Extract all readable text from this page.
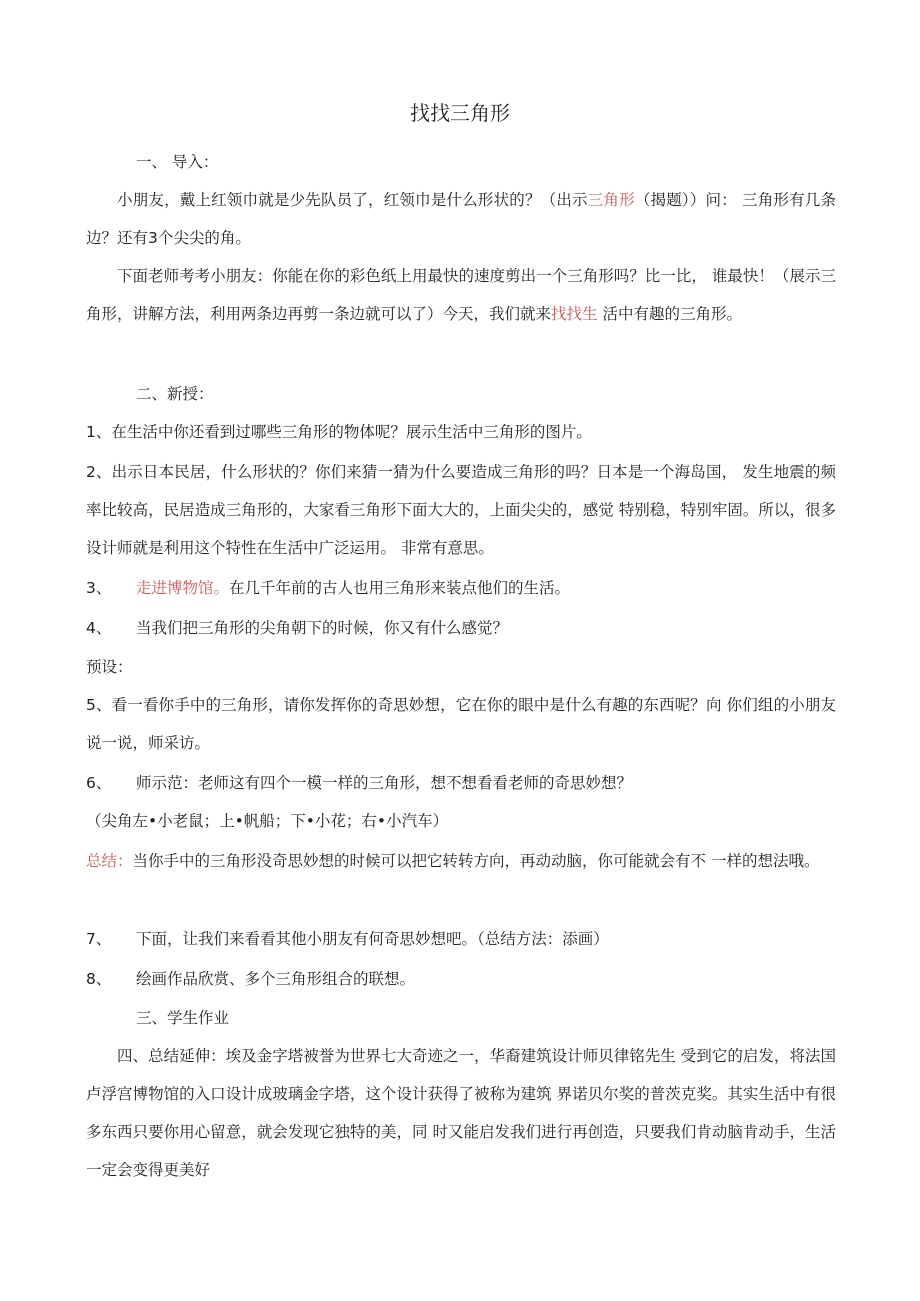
找找三角形
一、 导入：
小朋友，戴上红领巾就是少先队员了，红领巾是什么形状的？（出示三角形（揭题））问： 三角形有几条边？还有3个尖尖的角。
下面老师考考小朋友：你能在你的彩色纸上用最快的速度剪出一个三角形吗？比一比， 谁最快！（展示三角形，讲解方法，利用两条边再剪一条边就可以了）今天，我们就来找找生 活中有趣的三角形。
二、新授：
1、在生活中你还看到过哪些三角形的物体呢？展示生活中三角形的图片。
2、出示日本民居，什么形状的？你们来猜一猜为什么要造成三角形的吗？日本是一个海岛国， 发生地震的频率比较高，民居造成三角形的，大家看三角形下面大大的，上面尖尖的，感觉 特别稳，特别牢固。所以，很多设计师就是利用这个特性在生活中广泛运用。 非常有意思。
3、 走进博物馆。在几千年前的古人也用三角形来装点他们的生活。
4、 当我们把三角形的尖角朝下的时候，你又有什么感觉？
预设：
5、看一看你手中的三角形，请你发挥你的奇思妙想，它在你的眼中是什么有趣的东西呢？向 你们组的小朋友说一说，师采访。
6、 师示范：老师这有四个一模一样的三角形，想不想看看老师的奇思妙想？
（尖角左•小老鼠；上•帆船；下•小花；右•小汽车）
总结：当你手中的三角形没奇思妙想的时候可以把它转转方向，再动动脑，你可能就会有不 一样的想法哦。
7、 下面，让我们来看看其他小朋友有何奇思妙想吧。（总结方法：添画）
8、 绘画作品欣赏、多个三角形组合的联想。
三、学生作业
四、总结延伸：埃及金字塔被誉为世界七大奇迹之一，华裔建筑设计师贝律铭先生 受到它的启发，将法国卢浮宫博物馆的入口设计成玻璃金字塔，这个设计获得了被称为建筑 界诺贝尔奖的普茨克奖。其实生活中有很多东西只要你用心留意，就会发现它独特的美，同 时又能启发我们进行再创造，只要我们肯动脑肯动手，生活一定会变得更美好
